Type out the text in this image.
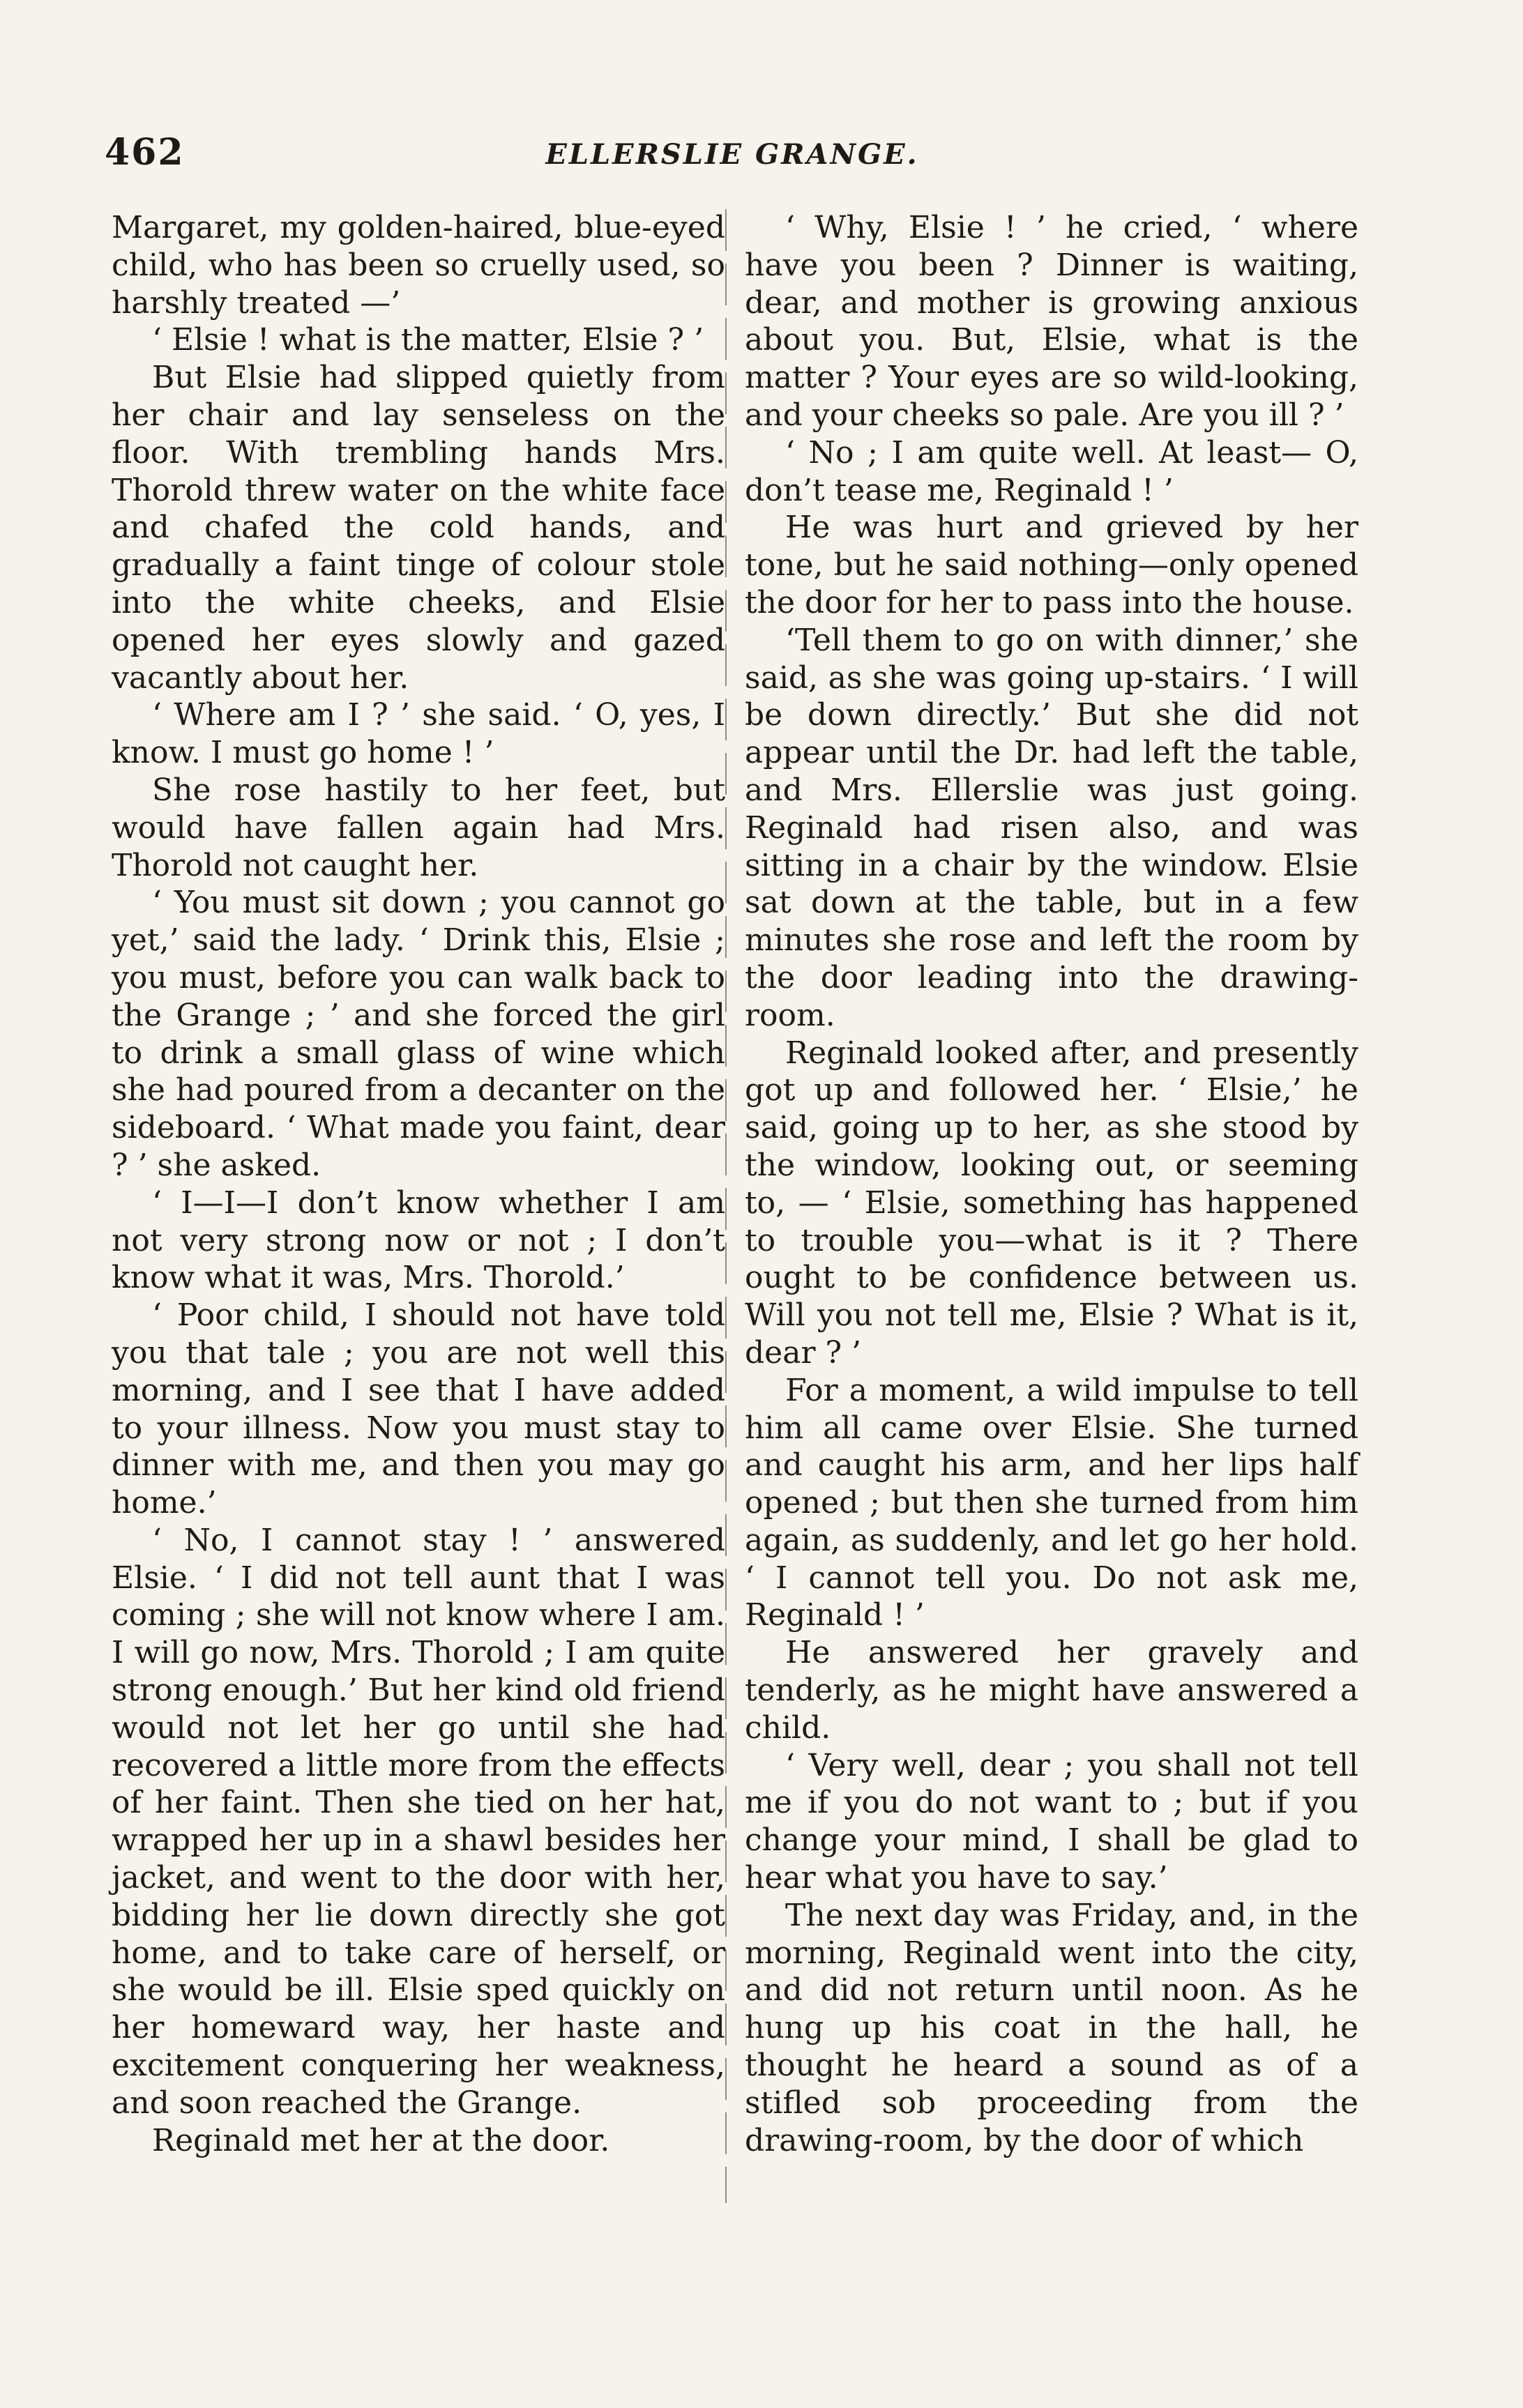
462	ELLERSLIE GRANGE.

Margaret, my golden-haired, blue-eyed child, who has been so cruelly used, so harshly treated —’

‘ Elsie ! what is the matter, Elsie ? ’

But Elsie had slipped quietly from her chair and lay senseless on the floor. With trembling hands Mrs. Thorold threw water on the white face and chafed the cold hands, and gradually a faint tinge of colour stole into the white cheeks, and Elsie opened her eyes slowly and gazed vacantly about her.

‘ Where am I ? ’ she said. ‘ O, yes, I know. I must go home ! ’

She rose hastily to her feet, but would have fallen again had Mrs. Thorold not caught her.

‘ You must sit down ; you cannot go yet,’ said the lady. ‘ Drink this, Elsie ; you must, before you can walk back to the Grange ; ’ and she forced the girl to drink a small glass of wine which she had poured from a decanter on the sideboard. ‘ What made you faint, dear ? ’ she asked.

‘ I—I—I don’t know whether I am not very strong now or not ; I don’t know what it was, Mrs. Thorold.’

‘ Poor child, I should not have told you that tale ; you are not well this morning, and I see that I have added to your illness. Now you must stay to dinner with me, and then you may go home.’

‘ No, I cannot stay ! ’ answered Elsie. ‘ I did not tell aunt that I was coming ; she will not know where I am. I will go now, Mrs. Thorold ; I am quite strong enough.’ But her kind old friend would not let her go until she had recovered a little more from the effects of her faint. Then she tied on her hat, wrapped her up in a shawl besides her jacket, and went to the door with her, bidding her lie down directly she got home, and to take care of herself, or she would be ill. Elsie sped quickly on her homeward way, her haste and excitement conquering her weakness, and soon reached the Grange.

Reginald met her at the door.

‘ Why, Elsie ! ’ he cried, ‘ where have you been ? Dinner is waiting, dear, and mother is growing anxious about you. But, Elsie, what is the matter ? Your eyes are so wild-looking, and your cheeks so pale. Are you ill ? ’

‘ No ; I am quite well. At least— O, don’t tease me, Reginald ! ’

He was hurt and grieved by her tone, but he said nothing—only opened the door for her to pass into the house.

‘Tell them to go on with dinner,’ she said, as she was going up-stairs. ‘ I will be down directly.’ But she did not appear until the Dr. had left the table, and Mrs. Ellerslie was just going. Reginald had risen also, and was sitting in a chair by the window. Elsie sat down at the table, but in a few minutes she rose and left the room by the door leading into the drawing-room.

Reginald looked after, and presently got up and followed her. ‘ Elsie,’ he said, going up to her, as she stood by the window, looking out, or seeming to, — ‘ Elsie, something has happened to trouble you—what is it ? There ought to be confidence between us. Will you not tell me, Elsie ? What is it, dear ? ’

For a moment, a wild impulse to tell him all came over Elsie. She turned and caught his arm, and her lips half opened ; but then she turned from him again, as suddenly, and let go her hold. ‘ I cannot tell you. Do not ask me, Reginald ! ’

He answered her gravely and tenderly, as he might have answered a child.

‘ Very well, dear ; you shall not tell me if you do not want to ; but if you change your mind, I shall be glad to hear what you have to say.’

The next day was Friday, and, in the morning, Reginald went into the city, and did not return until noon. As he hung up his coat in the hall, he thought he heard a sound as of a stifled sob proceeding from the drawing-room, by the door of which
